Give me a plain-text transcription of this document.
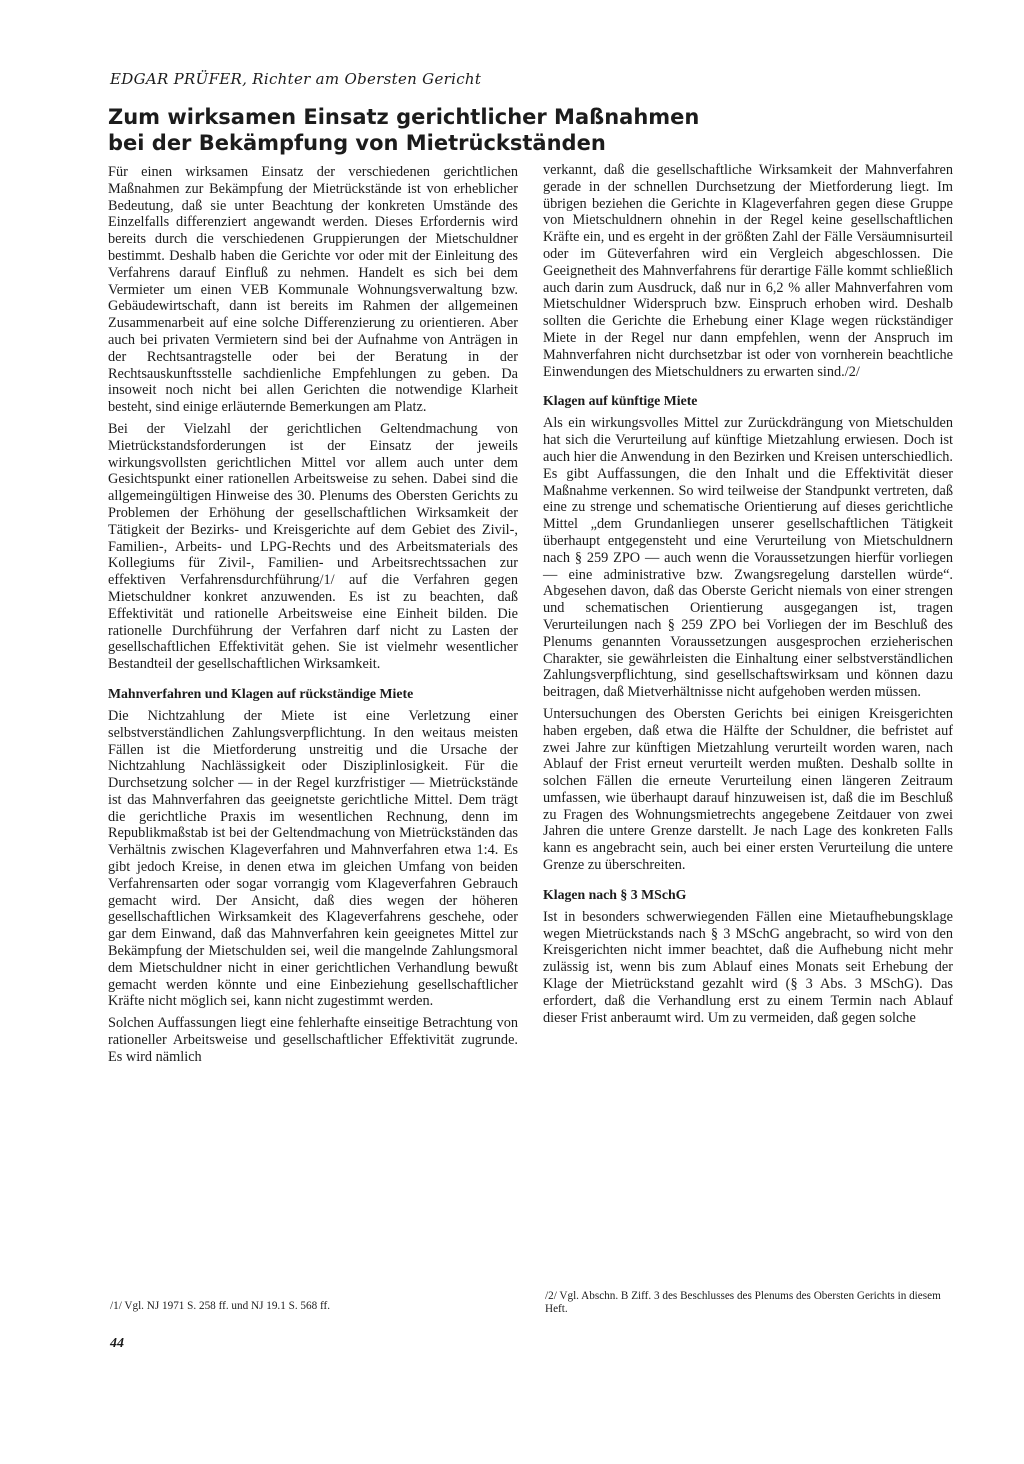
EDGAR PRÜFER, Richter am Obersten Gericht
Zum wirksamen Einsatz gerichtlicher Maßnahmen bei der Bekämpfung von Mietrückständen

Für einen wirksamen Einsatz der verschiedenen gerichtlichen Maßnahmen zur Bekämpfung der Mietrückstände ist von erheblicher Bedeutung, daß sie unter Beachtung der konkreten Umstände des Einzelfalls differenziert angewandt werden. Dieses Erfordernis wird bereits durch die verschiedenen Gruppierungen der Mietschuldner bestimmt. Deshalb haben die Gerichte vor oder mit der Einleitung des Verfahrens darauf Einfluß zu nehmen. Handelt es sich bei dem Vermieter um einen VEB Kommunale Wohnungsverwaltung bzw. Gebäudewirtschaft, dann ist bereits im Rahmen der allgemeinen Zusammenarbeit auf eine solche Differenzierung zu orientieren. Aber auch bei privaten Vermietern sind bei der Aufnahme von Anträgen in der Rechtsantragstelle oder bei der Beratung in der Rechtsauskunftsstelle sachdienliche Empfehlungen zu geben. Da insoweit noch nicht bei allen Gerichten die notwendige Klarheit besteht, sind einige erläuternde Bemerkungen am Platz.

Bei der Vielzahl der gerichtlichen Geltendmachung von Mietrückstandsforderungen ist der Einsatz der jeweils wirkungsvollsten gerichtlichen Mittel vor allem auch unter dem Gesichtspunkt einer rationellen Arbeitsweise zu sehen. Dabei sind die allgemeingültigen Hinweise des 30. Plenums des Obersten Gerichts zu Problemen der Erhöhung der gesellschaftlichen Wirksamkeit der Tätigkeit der Bezirks- und Kreisgerichte auf dem Gebiet des Zivil-, Familien-, Arbeits- und LPG-Rechts und des Arbeitsmaterials des Kollegiums für Zivil-, Familien- und Arbeitsrechtssachen zur effektiven Verfahrensdurchführung/1/ auf die Verfahren gegen Mietschuldner konkret anzuwenden. Es ist zu beachten, daß Effektivität und rationelle Arbeitsweise eine Einheit bilden. Die rationelle Durchführung der Verfahren darf nicht zu Lasten der gesellschaftlichen Effektivität gehen. Sie ist vielmehr wesentlicher Bestandteil der gesellschaftlichen Wirksamkeit.

Mahnverfahren und Klagen auf rückständige Miete

Die Nichtzahlung der Miete ist eine Verletzung einer selbstverständlichen Zahlungsverpflichtung. In den weitaus meisten Fällen ist die Mietforderung unstreitig und die Ursache der Nichtzahlung Nachlässigkeit oder Disziplinlosigkeit. Für die Durchsetzung solcher — in der Regel kurzfristiger — Mietrückstände ist das Mahnverfahren das geeignetste gerichtliche Mittel. Dem trägt die gerichtliche Praxis im wesentlichen Rechnung, denn im Republikmaßstab ist bei der Geltendmachung von Mietrückständen das Verhältnis zwischen Klageverfahren und Mahnverfahren etwa 1:4. Es gibt jedoch Kreise, in denen etwa im gleichen Umfang von beiden Verfahrensarten oder sogar vorrangig vom Klageverfahren Gebrauch gemacht wird. Der Ansicht, daß dies wegen der höheren gesellschaftlichen Wirksamkeit des Klageverfahrens geschehe, oder gar dem Einwand, daß das Mahnverfahren kein geeignetes Mittel zur Bekämpfung der Mietschulden sei, weil die mangelnde Zahlungsmoral dem Mietschuldner nicht in einer gerichtlichen Verhandlung bewußt gemacht werden könnte und eine Einbeziehung gesellschaftlicher Kräfte nicht möglich sei, kann nicht zugestimmt werden.

Solchen Auffassungen liegt eine fehlerhafte einseitige Betrachtung von rationeller Arbeitsweise und gesellschaftlicher Effektivität zugrunde. Es wird nämlich

verkannt, daß die gesellschaftliche Wirksamkeit der Mahnverfahren gerade in der schnellen Durchsetzung der Mietforderung liegt. Im übrigen beziehen die Gerichte in Klageverfahren gegen diese Gruppe von Mietschuldnern ohnehin in der Regel keine gesellschaftlichen Kräfte ein, und es ergeht in der größten Zahl der Fälle Versäumnisurteil oder im Güteverfahren wird ein Vergleich abgeschlossen. Die Geeignetheit des Mahnverfahrens für derartige Fälle kommt schließlich auch darin zum Ausdruck, daß nur in 6,2 % aller Mahnverfahren vom Mietschuldner Widerspruch bzw. Einspruch erhoben wird. Deshalb sollten die Gerichte die Erhebung einer Klage wegen rückständiger Miete in der Regel nur dann empfehlen, wenn der Anspruch im Mahnverfahren nicht durchsetzbar ist oder von vornherein beachtliche Einwendungen des Mietschuldners zu erwarten sind./2/

Klagen auf künftige Miete

Als ein wirkungsvolles Mittel zur Zurückdrängung von Mietschulden hat sich die Verurteilung auf künftige Mietzahlung erwiesen. Doch ist auch hier die Anwendung in den Bezirken und Kreisen unterschiedlich. Es gibt Auffassungen, die den Inhalt und die Effektivität dieser Maßnahme verkennen. So wird teilweise der Standpunkt vertreten, daß eine zu strenge und schematische Orientierung auf dieses gerichtliche Mittel „dem Grundanliegen unserer gesellschaftlichen Tätigkeit überhaupt entgegensteht und eine Verurteilung von Mietschuldnern nach § 259 ZPO — auch wenn die Voraussetzungen hierfür vorliegen — eine administrative bzw. Zwangsregelung darstellen würde“. Abgesehen davon, daß das Oberste Gericht niemals von einer strengen und schematischen Orientierung ausgegangen ist, tragen Verurteilungen nach § 259 ZPO bei Vorliegen der im Beschluß des Plenums genannten Voraussetzungen ausgesprochen erzieherischen Charakter, sie gewährleisten die Einhaltung einer selbstverständlichen Zahlungsverpflichtung, sind gesellschaftswirksam und können dazu beitragen, daß Mietverhältnisse nicht aufgehoben werden müssen.

Untersuchungen des Obersten Gerichts bei einigen Kreisgerichten haben ergeben, daß etwa die Hälfte der Schuldner, die befristet auf zwei Jahre zur künftigen Mietzahlung verurteilt worden waren, nach Ablauf der Frist erneut verurteilt werden mußten. Deshalb sollte in solchen Fällen die erneute Verurteilung einen längeren Zeitraum umfassen, wie überhaupt darauf hinzuweisen ist, daß die im Beschluß zu Fragen des Wohnungsmietrechts angegebene Zeitdauer von zwei Jahren die untere Grenze darstellt. Je nach Lage des konkreten Falls kann es angebracht sein, auch bei einer ersten Verurteilung die untere Grenze zu überschreiten.

Klagen nach § 3 MSchG

Ist in besonders schwerwiegenden Fällen eine Mietaufhebungsklage wegen Mietrückstands nach § 3 MSchG angebracht, so wird von den Kreisgerichten nicht immer beachtet, daß die Aufhebung nicht mehr zulässig ist, wenn bis zum Ablauf eines Monats seit Erhebung der Klage der Mietrückstand gezahlt wird (§ 3 Abs. 3 MSchG). Das erfordert, daß die Verhandlung erst zu einem Termin nach Ablauf dieser Frist anberaumt wird. Um zu vermeiden, daß gegen solche

/1/ Vgl. NJ 1971 S. 258 ff. und NJ 19.1 S. 568 ff.
/2/ Vgl. Abschn. B Ziff. 3 des Beschlusses des Plenums des Obersten Gerichts in diesem Heft.
44
